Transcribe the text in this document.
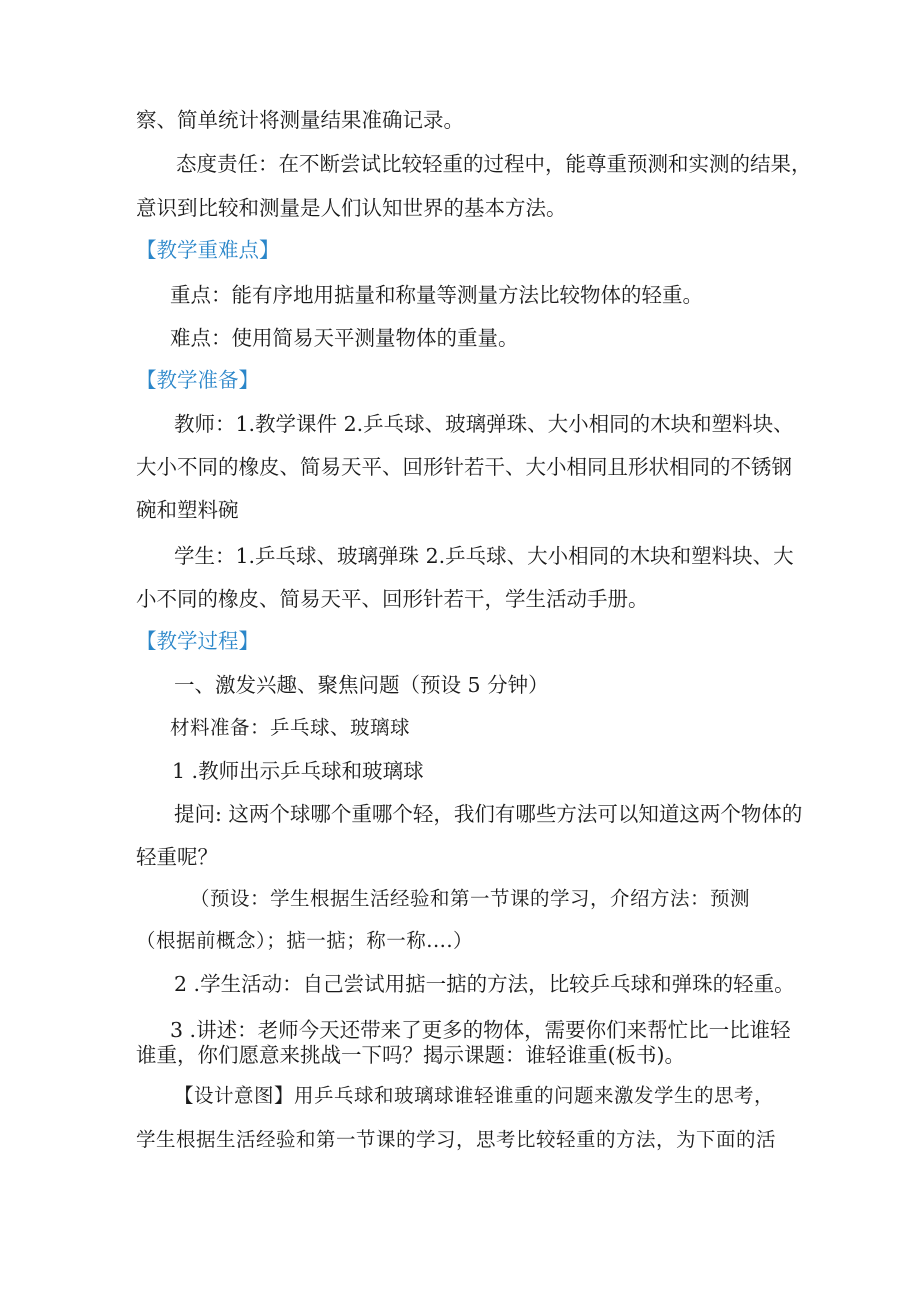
察、简单统计将测量结果准确记录。
态度责任：在不断尝试比较轻重的过程中，能尊重预测和实测的结果，
意识到比较和测量是人们认知世界的基本方法。
【教学重难点】
重点：能有序地用掂量和称量等测量方法比较物体的轻重。
难点：使用简易天平测量物体的重量。
【教学准备】
教师：1.教学课件 2.乒乓球、玻璃弹珠、大小相同的木块和塑料块、
大小不同的橡皮、简易天平、回形针若干、大小相同且形状相同的不锈钢
碗和塑料碗
学生：1.乒乓球、玻璃弹珠 2.乒乓球、大小相同的木块和塑料块、大
小不同的橡皮、简易天平、回形针若干，学生活动手册。
【教学过程】
一、激发兴趣、聚焦问题（预设 5 分钟）
材料准备：乒乓球、玻璃球
1 .教师出示乒乓球和玻璃球
提问: 这两个球哪个重哪个轻，我们有哪些方法可以知道这两个物体的
轻重呢？
（预设：学生根据生活经验和第一节课的学习，介绍方法：预测
（根据前概念）；掂一掂；称一称....）
2 .学生活动：自己尝试用掂一掂的方法，比较乒乓球和弹珠的轻重。
3 .讲述：老师今天还带来了更多的物体，需要你们来帮忙比一比谁轻
谁重，你们愿意来挑战一下吗？揭示课题：谁轻谁重(板书)。
【设计意图】用乒乓球和玻璃球谁轻谁重的问题来激发学生的思考，
学生根据生活经验和第一节课的学习，思考比较轻重的方法，为下面的活
